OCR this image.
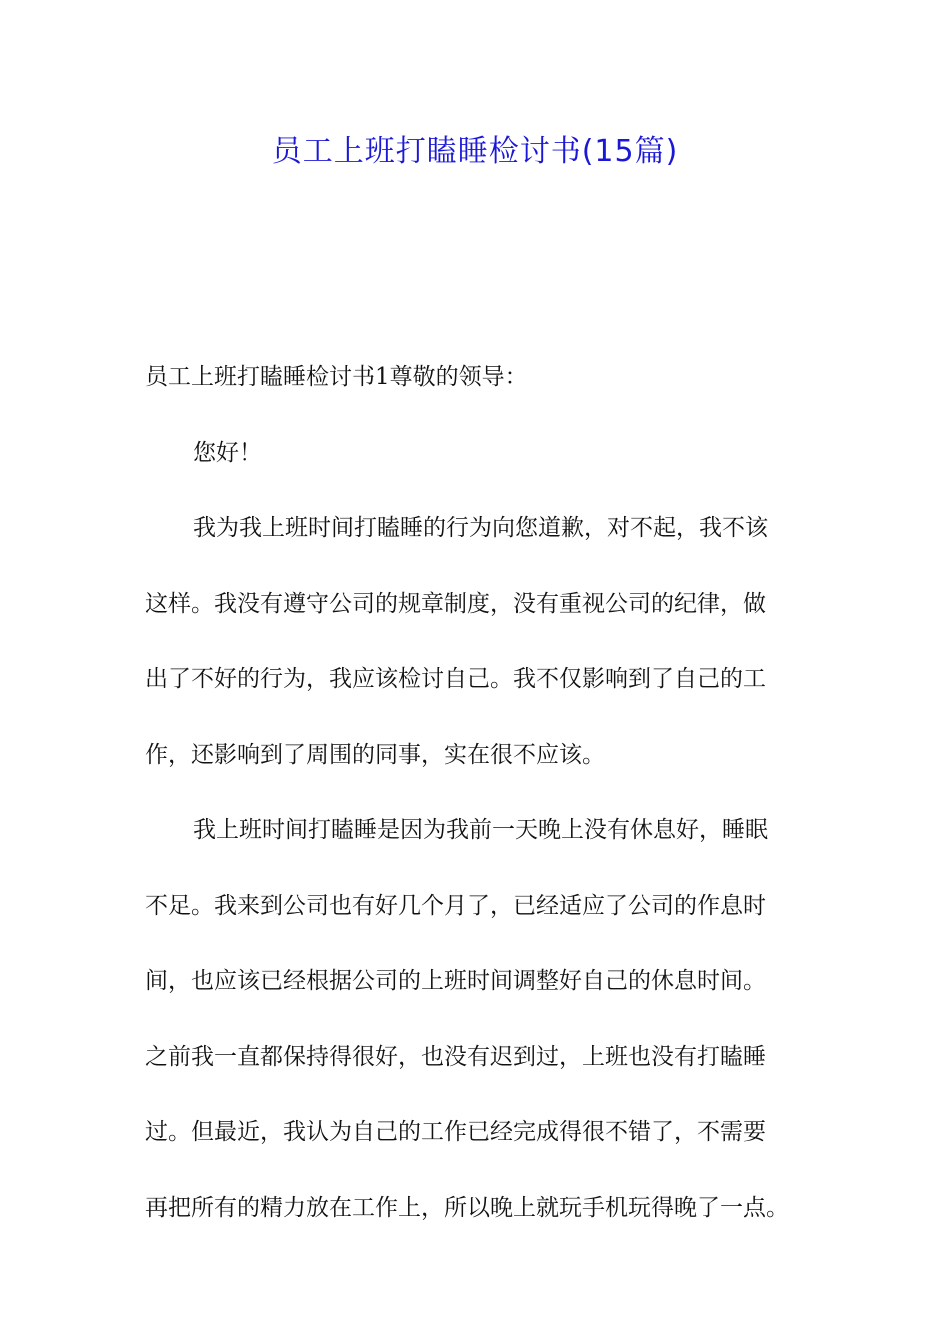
员工上班打瞌睡检讨书(15篇)

员工上班打瞌睡检讨书1尊敬的领导：

您好！

我为我上班时间打瞌睡的行为向您道歉，对不起，我不该

这样。我没有遵守公司的规章制度，没有重视公司的纪律，做

出了不好的行为，我应该检讨自己。我不仅影响到了自己的工

作，还影响到了周围的同事，实在很不应该。

我上班时间打瞌睡是因为我前一天晚上没有休息好，睡眠

不足。我来到公司也有好几个月了，已经适应了公司的作息时

间，也应该已经根据公司的上班时间调整好自己的休息时间。

之前我一直都保持得很好，也没有迟到过，上班也没有打瞌睡

过。但最近，我认为自己的工作已经完成得很不错了，不需要

再把所有的精力放在工作上，所以晚上就玩手机玩得晚了一点。
